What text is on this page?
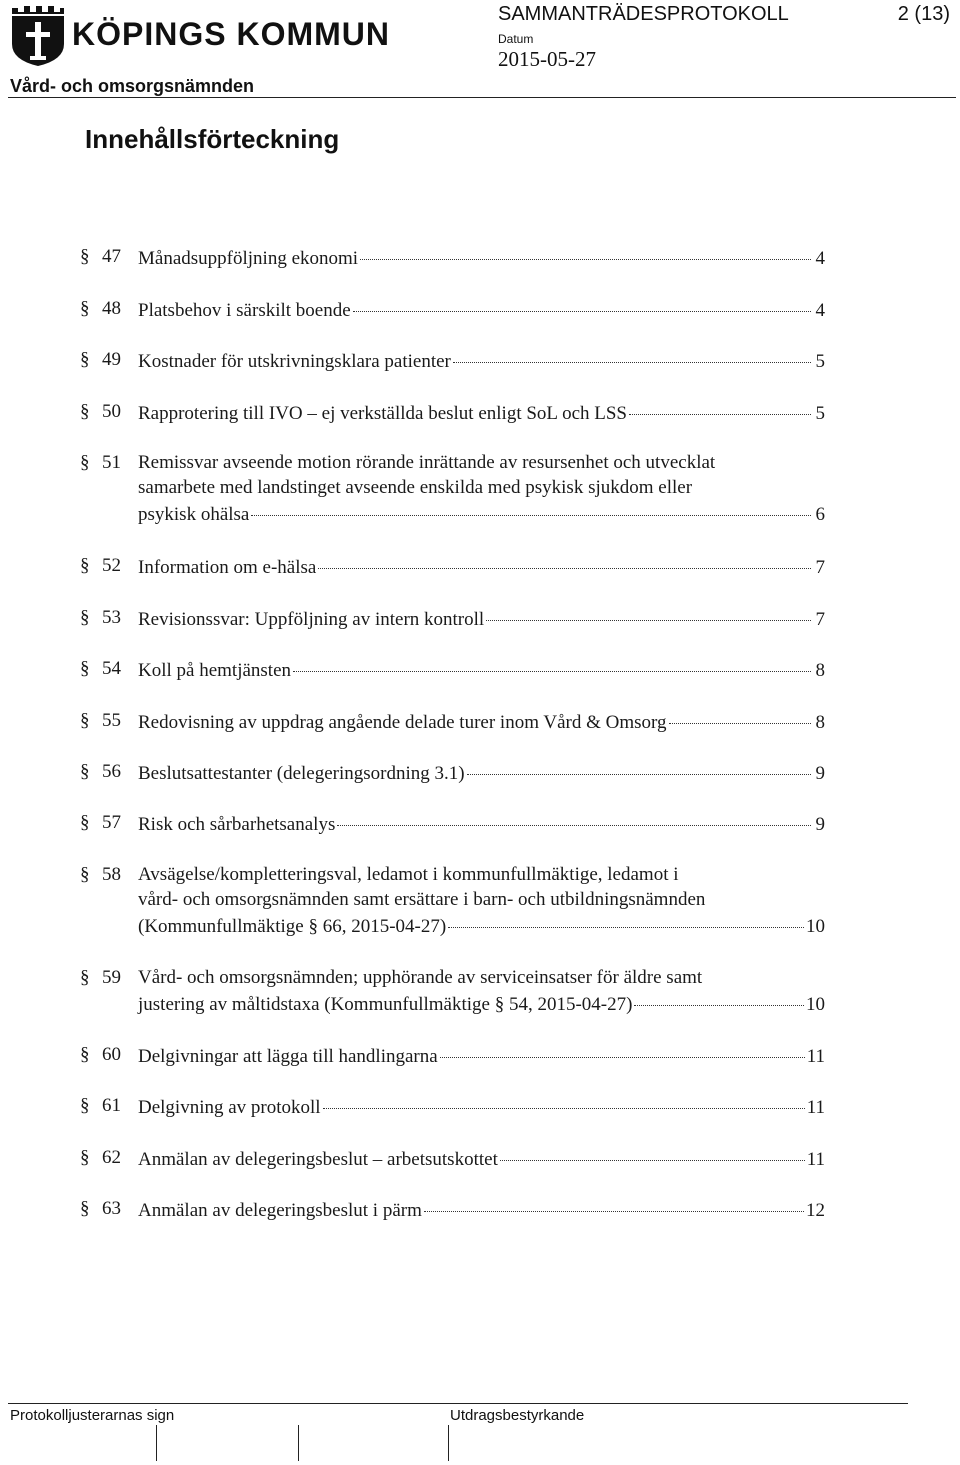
KÖPINGS KOMMUN
SAMMANTRÄDESPROTOKOLL	2 (13)
Datum
2015-05-27
Vård- och omsorgsnämnden
Innehållsförteckning
§ 47 Månadsuppföljning ekonomi	4
§ 48 Platsbehov i särskilt boende	4
§ 49 Kostnader för utskrivningsklara patienter	5
§ 50 Rapprotering till IVO – ej verkställda beslut enligt SoL och LSS	5
§ 51 Remissvar avseende motion rörande inrättande av resursenhet och utvecklat
samarbete med landstinget avseende enskilda med psykisk sjukdom eller
psykisk ohälsa	6
§ 52 Information om e-hälsa	7
§ 53 Revisionssvar: Uppföljning av intern kontroll	7
§ 54 Koll på hemtjänsten	8
§ 55 Redovisning av uppdrag angående delade turer inom Vård & Omsorg	8
§ 56 Beslutsattestanter (delegeringsordning 3.1)	9
§ 57 Risk och sårbarhetsanalys	9
§ 58 Avsägelse/kompletteringsval, ledamot i kommunfullmäktige, ledamot i
vård- och omsorgsnämnden samt ersättare i barn- och utbildningsnämnden
(Kommunfullmäktige § 66, 2015-04-27)	10
§ 59 Vård- och omsorgsnämnden; upphörande av serviceinsatser för äldre samt
justering av måltidstaxa (Kommunfullmäktige § 54, 2015-04-27)	10
§ 60 Delgivningar att lägga till handlingarna	11
§ 61 Delgivning av protokoll	11
§ 62 Anmälan av delegeringsbeslut – arbetsutskottet	11
§ 63 Anmälan av delegeringsbeslut i pärm	12
Protokolljusterarnas sign	Utdragsbestyrkande
